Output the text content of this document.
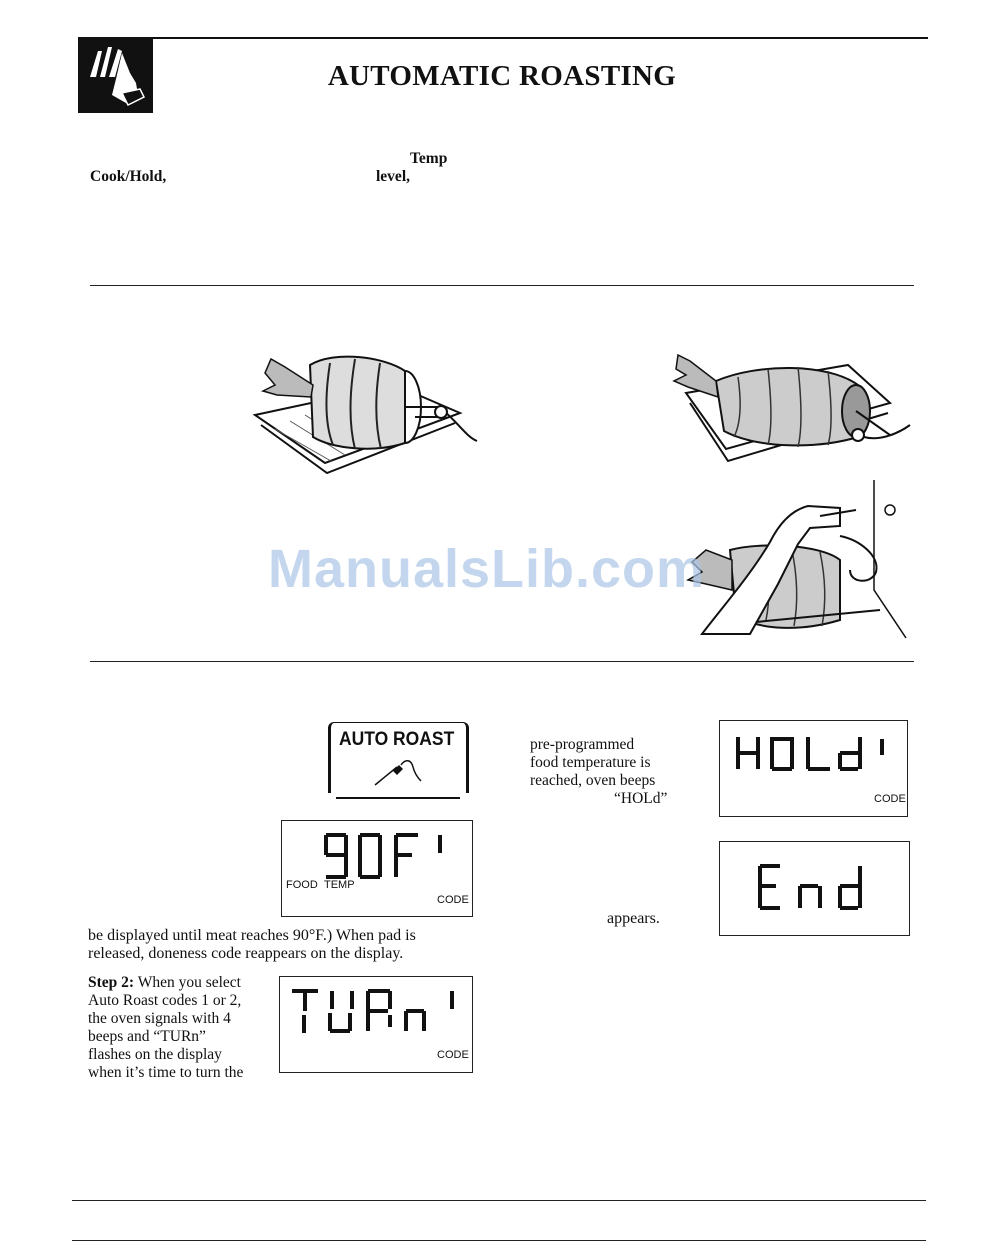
AUTOMATIC ROASTING
Temp
Cook/Hold,	level,
ManualsLib.com
AUTO ROAST
FOOD TEMP
CODE
be displayed until meat reaches 90°F.) When pad is
released, doneness code reappears on the display.
Step 2: When you select
Auto Roast codes 1 or 2,
the oven signals with 4
beeps and “TURn”
flashes on the display
when it’s time to turn the
CODE
pre-programmed
food temperature is
reached, oven beeps
“HOLd”	CODE
appears.
